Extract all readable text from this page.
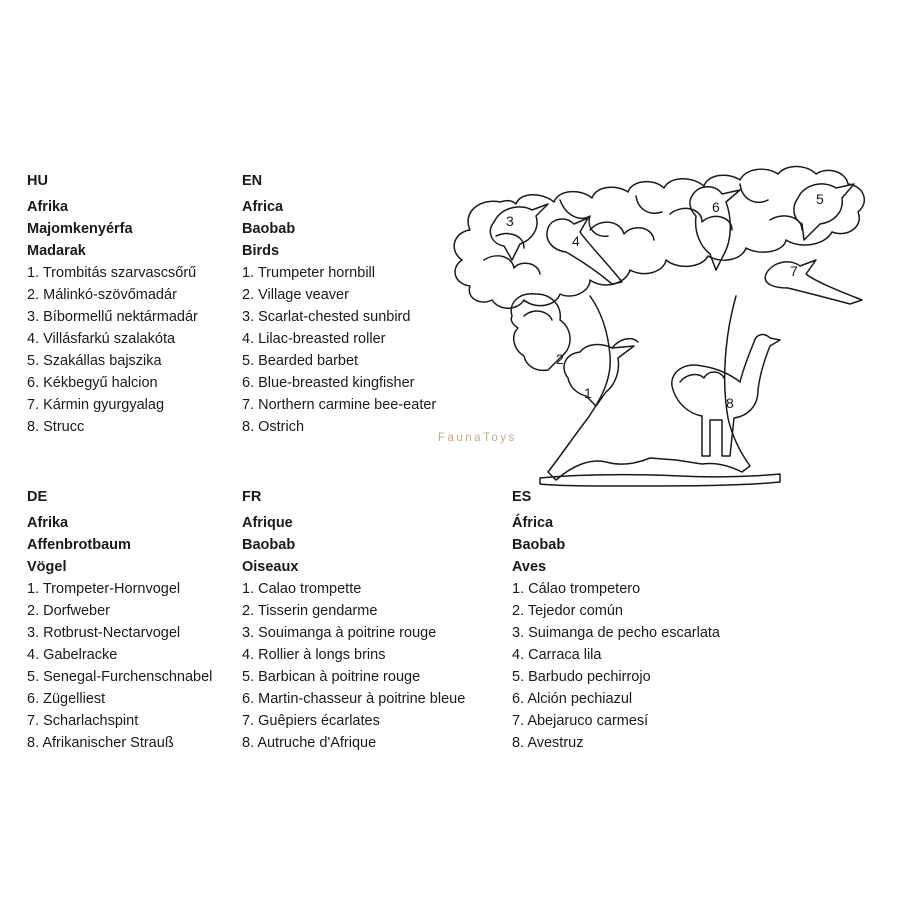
HU
Afrika
Majomkenyérfa
Madarak
1. Trombitás szarvascsőrű
2. Málinkó-szövőmadár
3. Bíbormellű nektármadár
4. Villásfarkú szalakóta
5. Szakállas bajszika
6. Kékbegyű halcion
7. Kármin gyurgyalag
8. Strucc
EN
Africa
Baobab
Birds
1. Trumpeter hornbill
2. Village veaver
3. Scarlat-chested sunbird
4. Lilac-breasted roller
5. Bearded barbet
6. Blue-breasted kingfisher
7. Northern carmine bee-eater
8. Ostrich
DE
Afrika
Affenbrotbaum
Vögel
1. Trompeter-Hornvogel
2. Dorfweber
3. Rotbrust-Nectarvogel
4. Gabelracke
5. Senegal-Furchenschnabel
6. Zügelliest
7. Scharlachspint
8. Afrikanischer Strauß
FR
Afrique
Baobab
Oiseaux
1. Calao trompette
2. Tisserin gendarme
3. Souimanga à poitrine rouge
4. Rollier à longs brins
5. Barbican à poitrine rouge
6. Martin-chasseur à poitrine bleue
7. Guêpiers écarlates
8. Autruche d'Afrique
ES
África
Baobab
Aves
1. Cálao trompetero
2. Tejedor común
3. Suimanga de pecho escarlata
4. Carraca lila
5. Barbudo pechirrojo
6. Alción pechiazul
7. Abejaruco carmesí
8. Avestruz
FaunaToys
3
4
6	5
7
2
1
8
